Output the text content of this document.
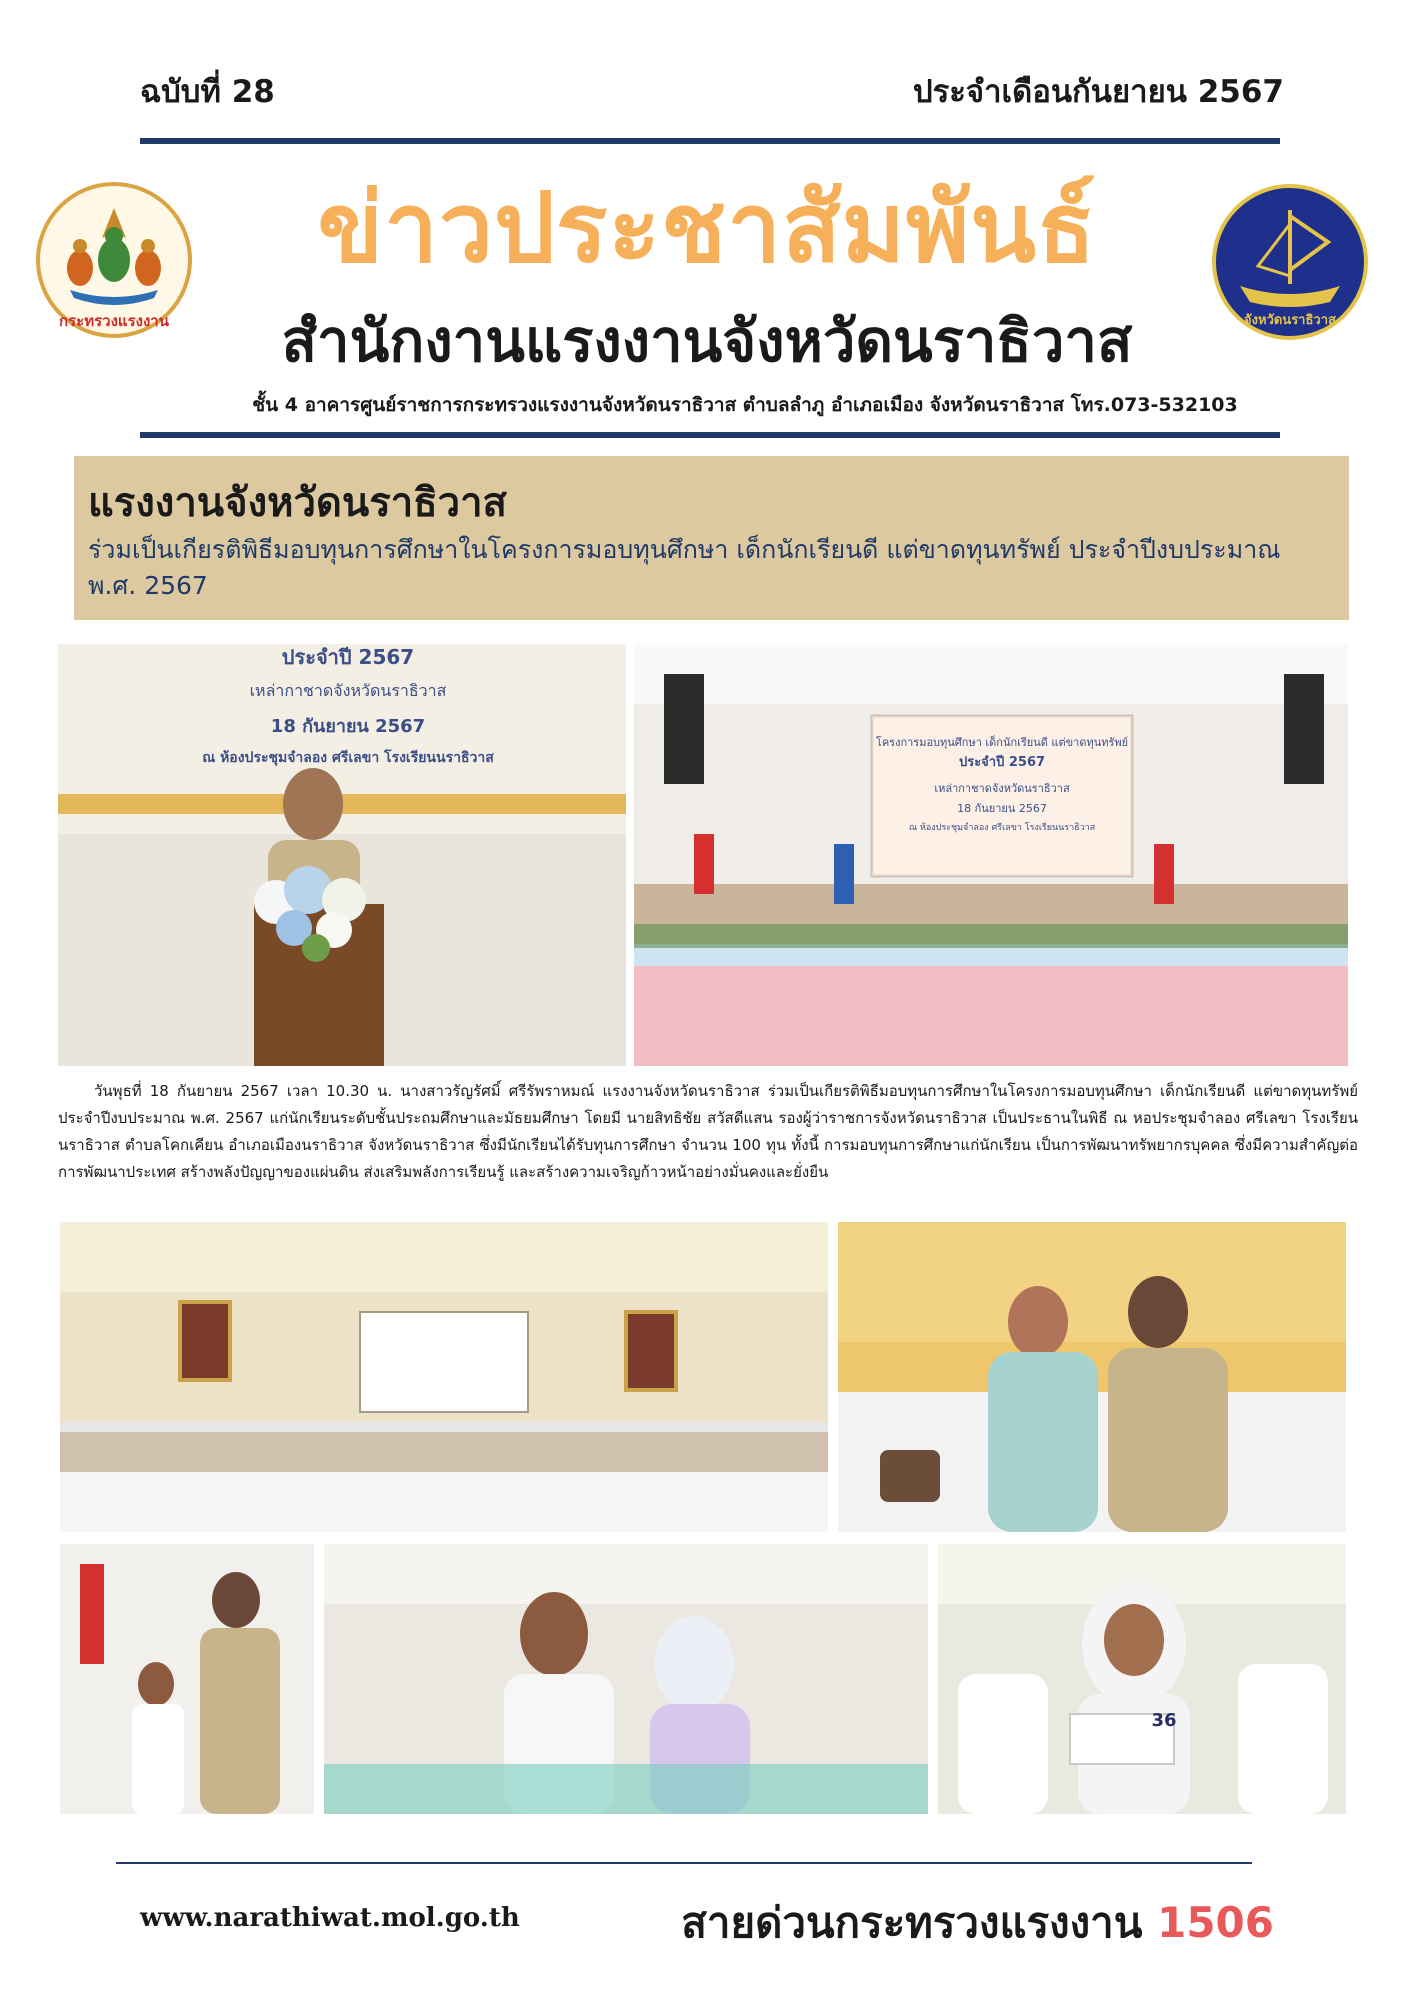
ฉบับที่ 28	ประจำเดือนกันยายน 2567
กระทรวงแรงงาน	จังหวัดนราธิวาส
ข่าวประชาสัมพันธ์
สำนักงานแรงงานจังหวัดนราธิวาส
ชั้น 4 อาคารศูนย์ราชการกระทรวงแรงงานจังหวัดนราธิวาส ตำบลลำภู อำเภอเมือง จังหวัดนราธิวาส โทร.073-532103
แรงงานจังหวัดนราธิวาส
ร่วมเป็นเกียรติพิธีมอบทุนการศึกษาในโครงการมอบทุนศึกษา เด็กนักเรียนดี แต่ขาดทุนทรัพย์ ประจำปีงบประมาณ พ.ศ. 2567
ประจำปี 2567
เหล่ากาชาดจังหวัดนราธิวาส
18 กันยายน 2567
ณ ห้องประชุมจำลอง ศรีเลขา โรงเรียนนราธิวาส
โครงการมอบทุนศึกษา เด็กนักเรียนดี แต่ขาดทุนทรัพย์
ประจำปี 2567
เหล่ากาชาดจังหวัดนราธิวาส
18 กันยายน 2567
ณ ห้องประชุมจำลอง ศรีเลขา โรงเรียนนราธิวาส
วันพุธที่ 18 กันยายน 2567 เวลา 10.30 น. นางสาวรัญรัศมิ์ ศรีรัพราหมณ์ แรงงานจังหวัดนราธิวาส ร่วมเป็นเกียรติพิธีมอบทุนการศึกษาในโครงการมอบทุนศึกษา เด็กนักเรียนดี แต่ขาดทุนทรัพย์ ประจำปีงบประมาณ พ.ศ. 2567 แก่นักเรียนระดับชั้นประถมศึกษาและมัธยมศึกษา โดยมี นายสิทธิชัย สวัสดีแสน รองผู้ว่าราชการจังหวัดนราธิวาส เป็นประธานในพิธี ณ หอประชุมจำลอง ศรีเลขา โรงเรียนนราธิวาส ตำบลโคกเคียน อำเภอเมืองนราธิวาส จังหวัดนราธิวาส ซึ่งมีนักเรียนได้รับทุนการศึกษา จำนวน 100 ทุน ทั้งนี้ การมอบทุนการศึกษาแก่นักเรียน เป็นการพัฒนาทรัพยากรบุคคล ซึ่งมีความสำคัญต่อการพัฒนาประเทศ สร้างพลังปัญญาของแผ่นดิน ส่งเสริมพลังการเรียนรู้ และสร้างความเจริญก้าวหน้าอย่างมั่นคงและยั่งยืน
36
www.narathiwat.mol.go.th	สายด่วนกระทรวงแรงงาน 1506
